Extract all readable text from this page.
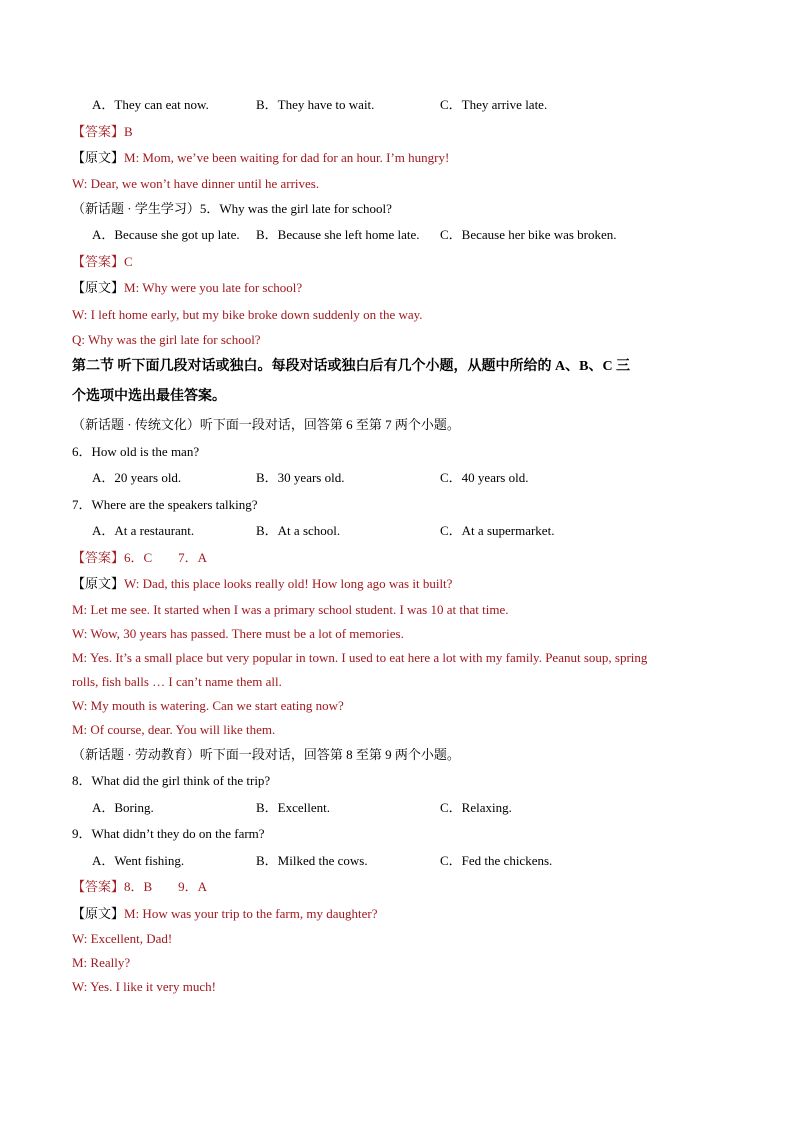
A．They can eat now.	B．They have to wait.	C．They arrive late.
【答案】B
【原文】M: Mom, we’ve been waiting for dad for an hour. I’m hungry!
W: Dear, we won’t have dinner until he arrives.
（新话题 · 学生学习）5．Why was the girl late for school?
A．Because she got up late. B．Because she left home late. C．Because her bike was broken.
【答案】C
【原文】M: Why were you late for school?
W: I left home early, but my bike broke down suddenly on the way.
Q: Why was the girl late for school?
第二节 听下面几段对话或独白。每段对话或独白后有几个小题，从题中所给的 A、B、C 三
个选项中选出最佳答案。
（新话题 · 传统文化）听下面一段对话，回答第 6 至第 7 两个小题。
6．How old is the man?
A．20 years old.	B．30 years old.	C．40 years old.
7．Where are the speakers talking?
A．At a restaurant.	B．At a school.	C．At a supermarket.
【答案】6．C　　7．A
【原文】W: Dad, this place looks really old! How long ago was it built?
M: Let me see. It started when I was a primary school student. I was 10 at that time.
W: Wow, 30 years has passed. There must be a lot of memories.
M: Yes. It’s a small place but very popular in town. I used to eat here a lot with my family. Peanut soup, spring
rolls, fish balls … I can’t name them all.
W: My mouth is watering. Can we start eating now?
M: Of course, dear. You will like them.
（新话题 · 劳动教育）听下面一段对话，回答第 8 至第 9 两个小题。
8．What did the girl think of the trip?
A．Boring.	B．Excellent.	C．Relaxing.
9．What didn’t they do on the farm?
A．Went fishing.	B．Milked the cows.	C．Fed the chickens.
【答案】8．B　　9．A
【原文】M: How was your trip to the farm, my daughter?
W: Excellent, Dad!
M: Really?
W: Yes. I like it very much!
